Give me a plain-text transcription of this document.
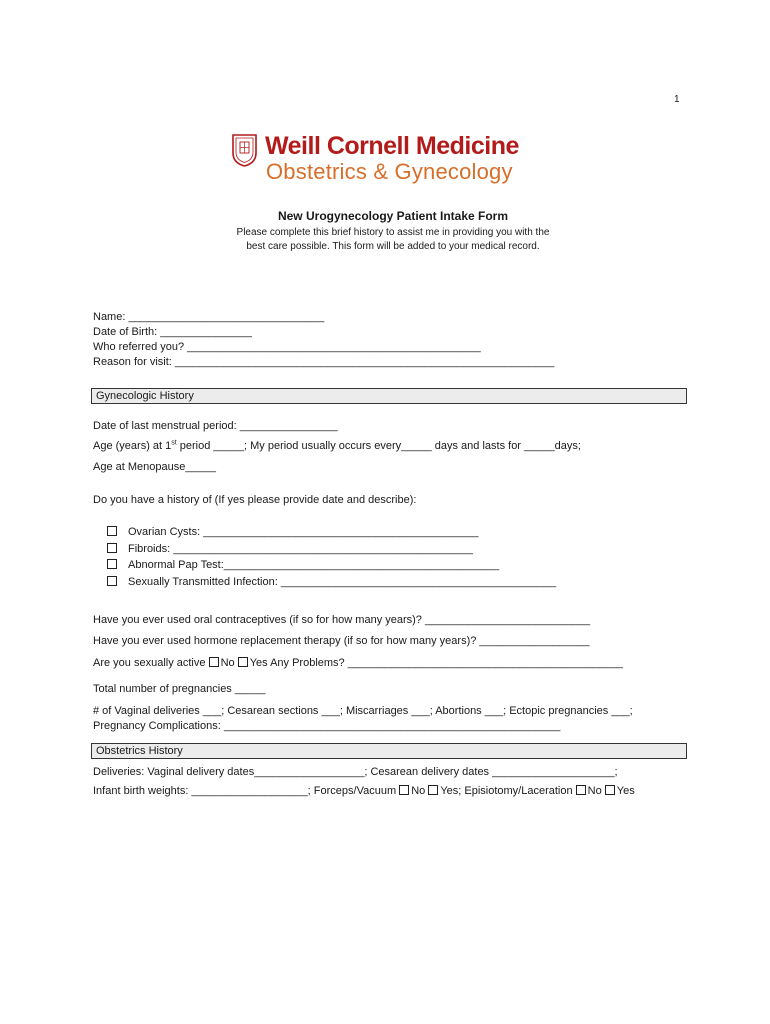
1
Weill Cornell Medicine
Obstetrics & Gynecology
New Urogynecology Patient Intake Form
Please complete this brief history to assist me in providing you with the
best care possible. This form will be added to your medical record.
Name: ________________________________
Date of Birth: _______________
Who referred you? ________________________________________________
Reason for visit: ______________________________________________________________
Gynecologic History
Date of last menstrual period: ________________
Age (years) at 1st period _____; My period usually occurs every_____ days and lasts for _____days;
Age at Menopause_____
Do you have a history of (If yes please provide date and describe):
Ovarian Cysts: _____________________________________________
Fibroids: _________________________________________________
Abnormal Pap Test:_____________________________________________
Sexually Transmitted Infection: _____________________________________________
Have you ever used oral contraceptives (if so for how many years)? ___________________________
Have you ever used hormone replacement therapy (if so for how many years)? __________________
Are you sexually active No Yes Any Problems? _____________________________________________
Total number of pregnancies _____
# of Vaginal deliveries ___; Cesarean sections ___; Miscarriages ___; Abortions ___; Ectopic pregnancies ___;
Pregnancy Complications: _______________________________________________________
Obstetrics History
Deliveries: Vaginal delivery dates__________________; Cesarean delivery dates ____________________;
Infant birth weights: ___________________; Forceps/Vacuum No Yes; Episiotomy/Laceration No Yes
